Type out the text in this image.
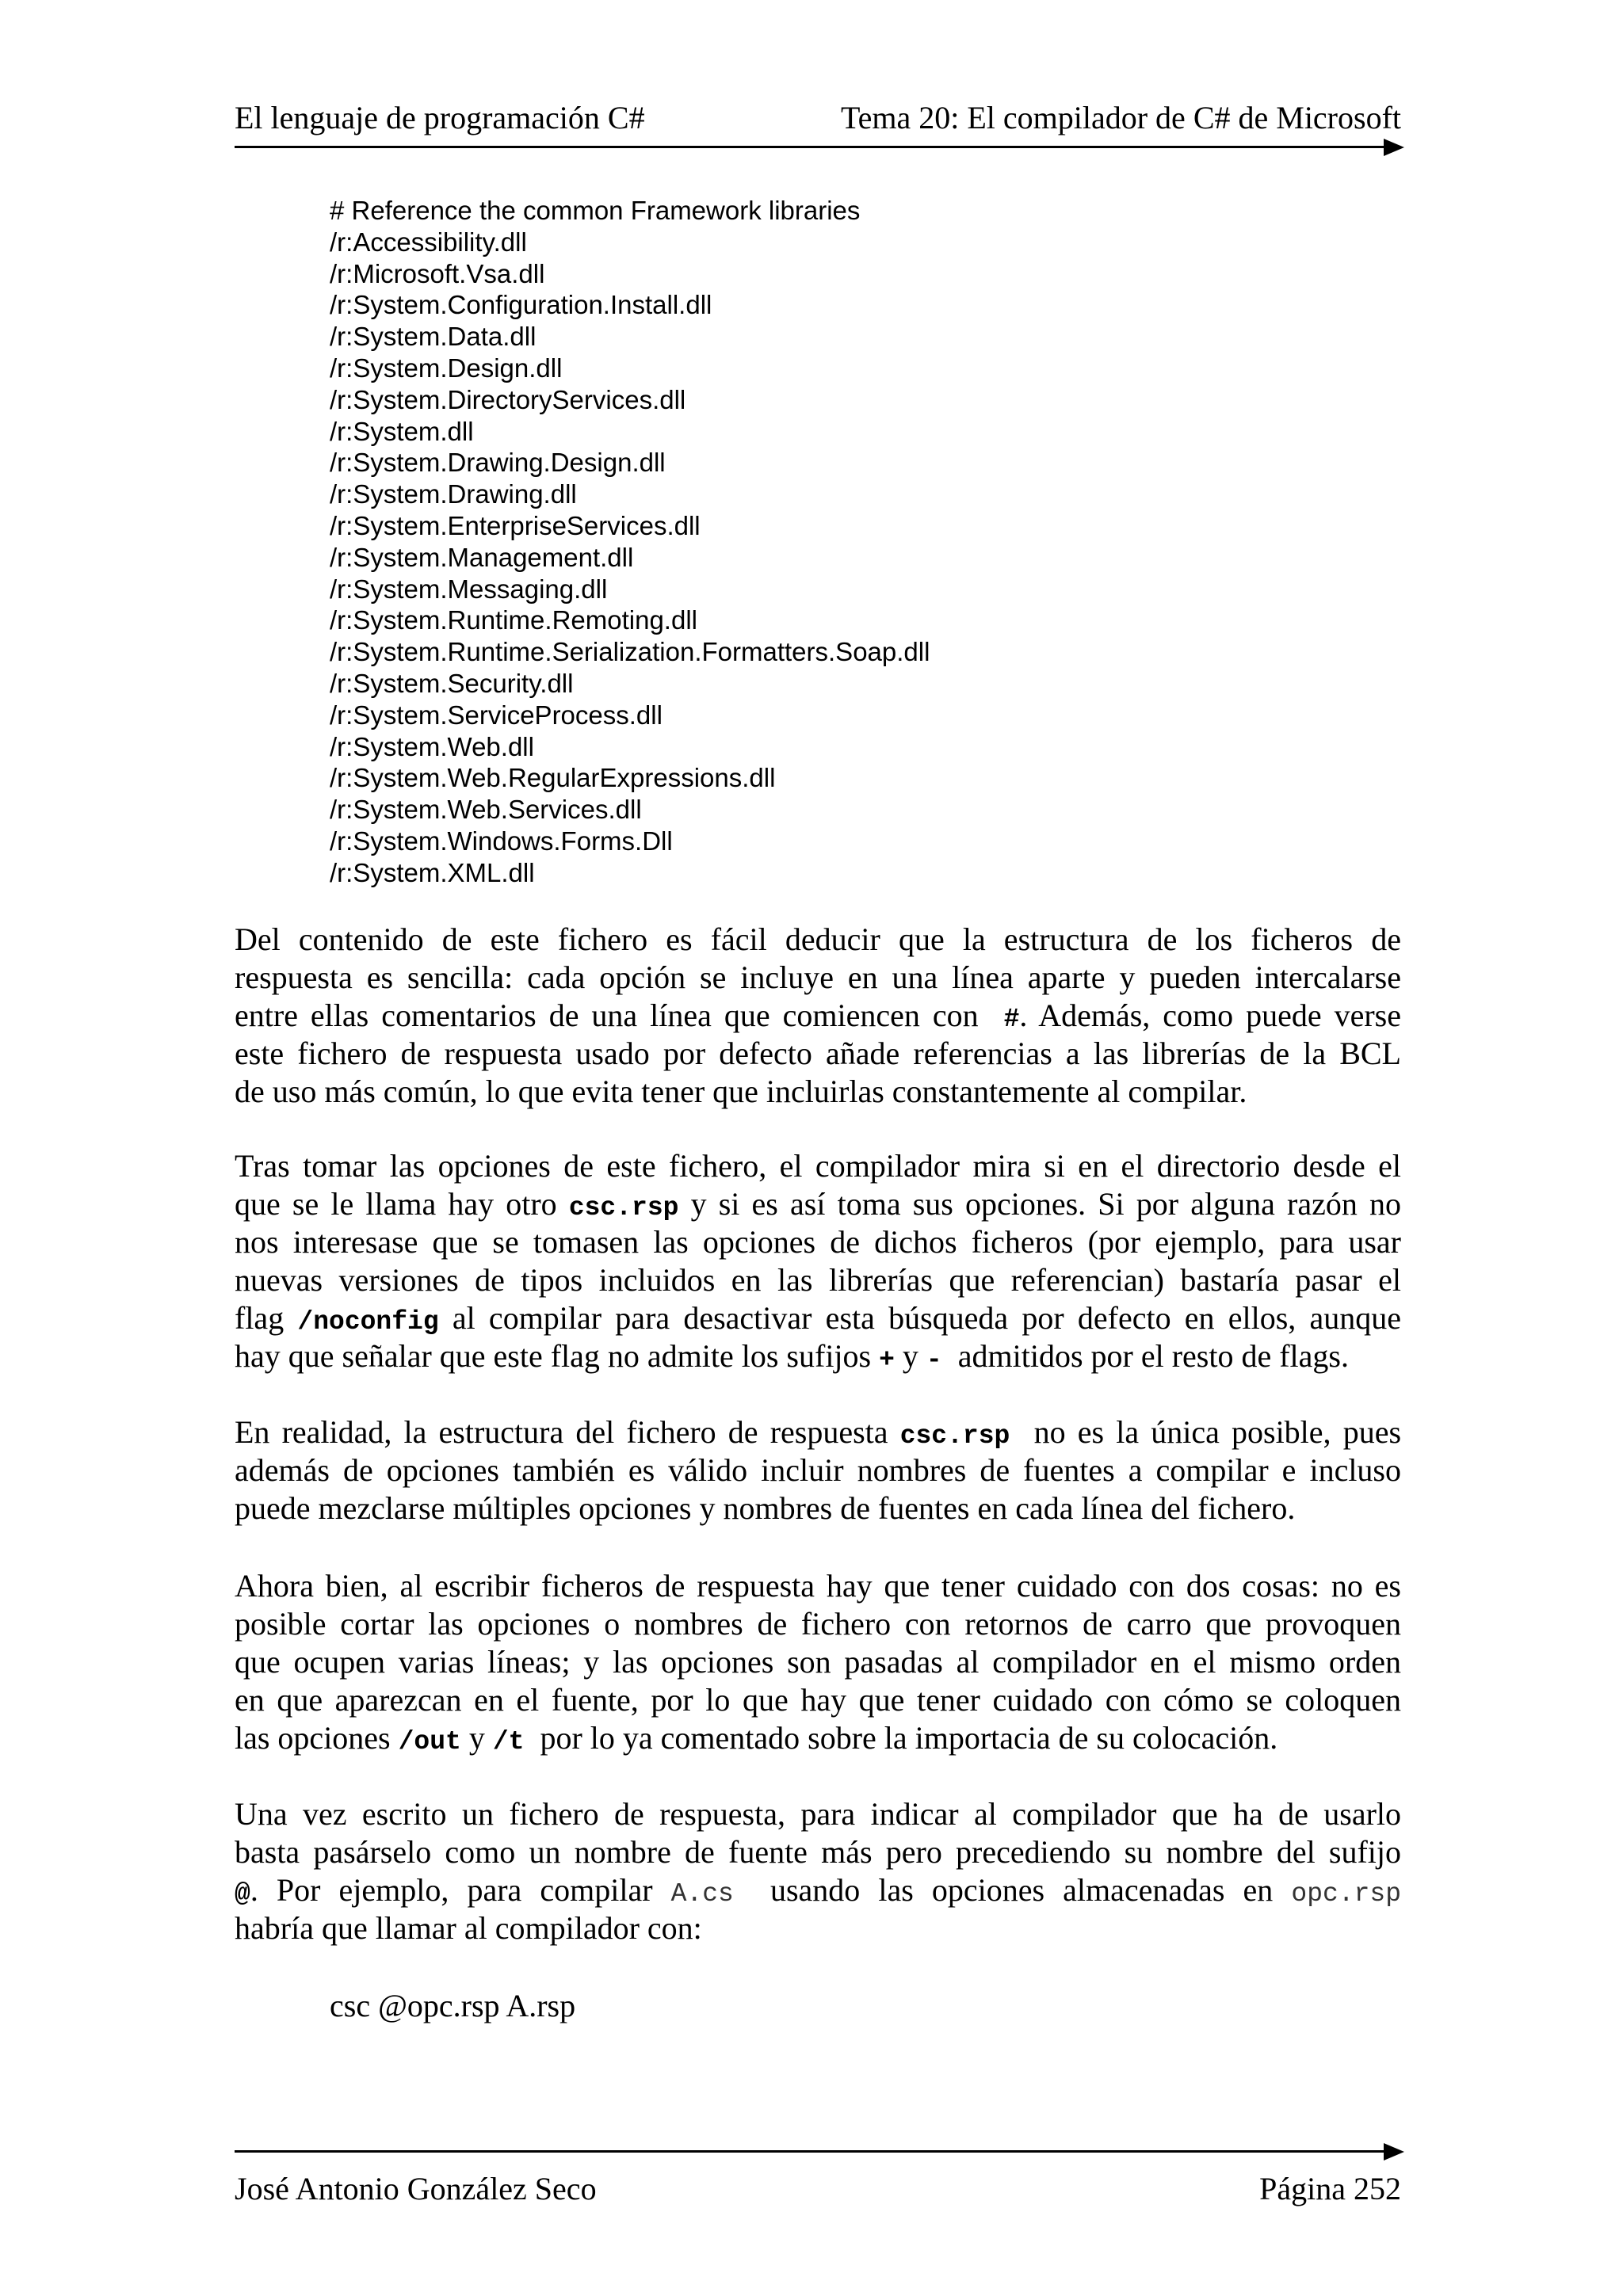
El lenguaje de programación C#	Tema 20: El compilador de C# de Microsoft
# Reference the common Framework libraries
/r:Accessibility.dll
/r:Microsoft.Vsa.dll
/r:System.Configuration.Install.dll
/r:System.Data.dll
/r:System.Design.dll
/r:System.DirectoryServices.dll
/r:System.dll
/r:System.Drawing.Design.dll
/r:System.Drawing.dll
/r:System.EnterpriseServices.dll
/r:System.Management.dll
/r:System.Messaging.dll
/r:System.Runtime.Remoting.dll
/r:System.Runtime.Serialization.Formatters.Soap.dll
/r:System.Security.dll
/r:System.ServiceProcess.dll
/r:System.Web.dll
/r:System.Web.RegularExpressions.dll
/r:System.Web.Services.dll
/r:System.Windows.Forms.Dll
/r:System.XML.dll
Del contenido de este fichero es fácil deducir que la estructura de los ficheros de
respuesta es sencilla: cada opción se incluye en una línea aparte y pueden intercalarse
entre ellas comentarios de una línea que comiencen con #. Además, como puede verse
este fichero de respuesta usado por defecto añade referencias a las librerías de la BCL
de uso más común, lo que evita tener que incluirlas constantemente al compilar.
Tras tomar las opciones de este fichero, el compilador mira si en el directorio desde el
que se le llama hay otro csc.rsp y si es así toma sus opciones. Si por alguna razón no
nos interesase que se tomasen las opciones de dichos ficheros (por ejemplo, para usar
nuevas versiones de tipos incluidos en las librerías que referencian) bastaría pasar el
flag /noconfig al compilar para desactivar esta búsqueda por defecto en ellos, aunque
hay que señalar que este flag no admite los sufijos + y - admitidos por el resto de flags.
En realidad, la estructura del fichero de respuesta csc.rsp no es la única posible, pues
además de opciones también es válido incluir nombres de fuentes a compilar e incluso
puede mezclarse múltiples opciones y nombres de fuentes en cada línea del fichero.
Ahora bien, al escribir ficheros de respuesta hay que tener cuidado con dos cosas: no es
posible cortar las opciones o nombres de fichero con retornos de carro que provoquen
que ocupen varias líneas; y las opciones son pasadas al compilador en el mismo orden
en que aparezcan en el fuente, por lo que hay que tener cuidado con cómo se coloquen
las opciones /out y /t por lo ya comentado sobre la importacia de su colocación.
Una vez escrito un fichero de respuesta, para indicar al compilador que ha de usarlo
basta pasárselo como un nombre de fuente más pero precediendo su nombre del sufijo
@. Por ejemplo, para compilar A.cs usando las opciones almacenadas en opc.rsp
habría que llamar al compilador con:
csc @opc.rsp A.rsp
José Antonio González Seco	Página 252
